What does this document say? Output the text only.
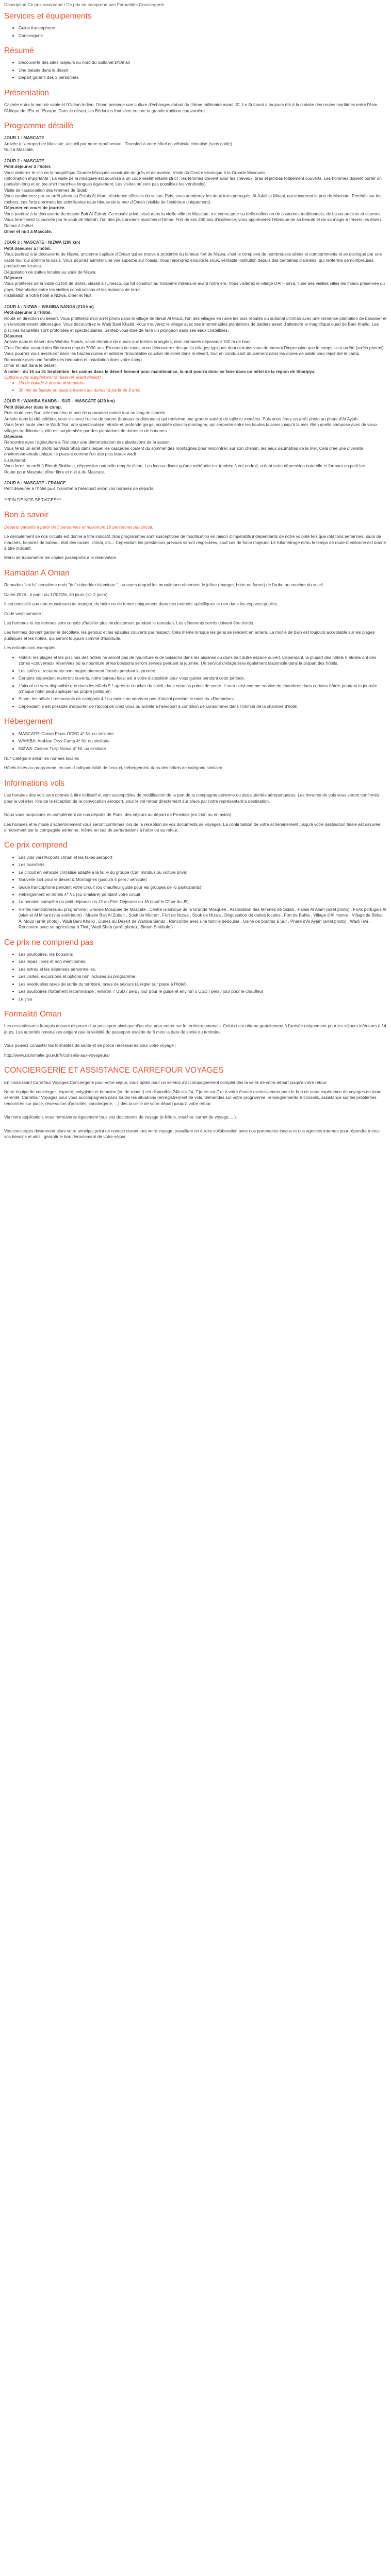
Description Ce prix comprend / Ce prix ne comprend pas Formalités Conciergerie
Services et équipements
• Guide francophone
• Conciergerie
Résumé
• Découverte des sites majeurs du nord du Sultanat D'Oman
• Une balade dans le desert
• Départ garanti dès 3 personnes
Présentation

Cachée entre la mer de sable et l'Océan Indien, Oman possède une culture d'échanges datant du IIIème millénaire avant JC. Le Sultanat a toujours été à la croisée des routes maritimes entre l'Asie, l'Afrique de l'Est et l'Europe. Dans le désert, les Bédouins font vivre encore la grande tradition caravanière.

Programme détaillé

JOUR 1 : MASCATE

Arrivée à l'aéroport de Mascate, accueil par notre représentant. Transfert à votre hôtel en véhicule climatisé (sans guide).

Nuit à Mascate.

JOUR 2 : MASCATE

Petit-déjeuner à l'hôtel.

Vous visiterez le site de la magnifique Grande Mosquée construite de grès et de marbre. Visite du Centre islamique à la Grande Mosquée.

(Information importante : La visite de la mosquée est soumise à un code vestimentaire strict : les femmes doivent avoir les cheveux, bras et jambes totalement couverts. Les hommes doivent porter un pantalon long et un tee-shirt manches longues également. Les visites ne sont pas possibles les vendredis).

Visite de l'association des femmes de Sidab.

Vous continuerez par un arrêt photo au Palais Al Alam, résidence officielle du sultan. Puis, vous admirerez les deux forts portugais, Al Jalali et Mirani, qui encadrent le port de Mascate. Perchés sur les rochers, ces forts dominent les scintillantes eaux bleues de la mer d'Oman (visible de l'extérieur uniquement).

Déjeuner en cours de journée.

Vous partirez à la découverte du musée Bait Al Zubair. Ce musée privé, situé dans la vieille ville de Mascate, est connu pour sa belle collection de costumes traditionnels, de bijoux anciens et d'armes. Vous terminerez la journée par le souk de Mutrah, l'un des plus anciens marchés d'Oman. Fort de ses 200 ans d'existence, vous apprécierez l'étendue de sa beauté et de sa magie à travers les étales. Retour à l'hôtel.

Dîner et nuit à Mascate.

JOUR 3 : MASCATE - NIZWA (290 km)

Petit déjeuner à l'hôtel.

Vous partirez à la découverte de Nizwa, ancienne capitale d'Oman qui se trouve à proximité du fameux fort de Nizwa, c'est le complexe de nombreuses allées et compartiments et se distingue par une vaste tour qui domine la oasis. Vous pourrez admirer une vue superbe sur l'oasis. Vous rejoindrez ensuite le souk, véritable institution depuis des centaines d'années, qui renferme de nombreuses productions locales.

Dégustation de dattes locales au souk de Nizwa.

Déjeuner.

Vous profiterez de la visite du fort de Bahla, classé à l'Unesco, qui fut construit au troisième millénaire avant notre ère. Vous visiterez le village d'Al Hamra, l'une des vieilles villes les mieux préservée du pays. Déambulez entre les vieilles constructions et les maisons de terre.

Installation à votre hôtel à Nizwa, dîner et Nuit.

JOUR 4 : NIZWA – WAHIBA SANDS (210 km)

Petit-déjeuner à l'Hôtel.

Route en direction du désert. Vous profiterez d'un arrêt photo dans le village de Birkat Al Mouz, l'un des villages en ruine les plus réputés du sultanat d'Oman avec une immense plantation de bananier et un environnement pittoresque. Vous découvrirez le Wadi Bani Khalid. Vous trouverez le village avec ses interminables plantations de dattiers avant d'atteindre le magnifique oued de Bani Khalid. Les piscines naturelles sont profondes et spectaculaires. Sentez-vous libre de faire un plongeon dans ses eaux cristallines.

Déjeuner.

Arrivée dans le désert des Wahiba Sands, vaste étendue de dunes aux teintes orangées, dont certaines dépassent 100 m de haut.

C'est l'habitat naturel des Bédouins depuis 7000 ans. En cours de route, vous découvrirez des petits villages typiques dont certains vous donneront l'impression que le temps s'est arrêté (arrêts photos). Vous pourrez vous aventurer dans les hautes dunes et admirer l'inoubliable coucher de soleil dans le désert, tout en conduisant doucement dans les dunes de sable pour rejoindre le camp.

Rencontre avec une famille des bédouins et installation dans votre camp.

Dîner et nuit dans le désert.

A noter : du 16 au 31 Septembre, les camps dans le désert ferment pour maintenance, la nuit pourra donc se faire dans un hôtel de la région de Sharqiya.

Options avec supplément (à réserver avant départ) :

• Un de balade à dos de dromadaire
• 30 min de balade en quad à travers les dunes (à partir de 8 ans)

JOUR 5 : WAHIBA SANDS – SUR – MASCATE (420 km)

Petit déjeuner dans le camp.

Puis route vers Sur, ville maritime et port de commerce animé tout au long de l'année.

Arrivée dans la cité célèbre, vous visiterez l'usine de boutre (bateaux traditionnels) qui renferme une grande variété de taille et modèles. Puis vous ferez un arrêt photo au phare d'Al Ayjah.

Vous ferez route vers le Wadi Tiwi, une spectaculaire, étroite et profonde gorge, sculptée dans la montagne, qui serpente entre les hautes falaises jusqu'à la mer. Bien quelle compose avec de vieux villages traditionnels, elle est surplombée par des plantations de dattes et de bananes.

Déjeuner.

Rencontre avec l'agriculture à Tiwi pour une démonstration des plantations de la saison.

Vous ferez un arrêt photo au Wadi Shab dans lequel les cascades coulent du sommet des montagnes pour rencontrer, sur son chemin, les eaux saumâtres de la mer. Cela crée une diversité environnementale unique, le placant comme l'un des plus beaux wadi

du sultanat.

Vous ferez un arrêt à Bimah Sinkhole, dépression naturelle remplie d'eau. Les locaux disent qu'une météorite est tombée à cet endroit, créant cette dépression naturelle et formant un petit lac.

Route pour Mascate, dîner libre et nuit à de Mascate.

JOUR 6 : MASCATE - FRANCE

Petit déjeuner à l'hôtel puis Transfert à l'aéroport selon vos horaires de départs.

***FIN DE NOS SERVICES***

Bon à savoir

Départs garantis à partir de 3 personnes et maximum 16 personnes par circuit.

Le déroulement de nos circuits est donné à titre indicatif. Nos programmes sont susceptibles de modification en raison d'impératifs indépendants de notre volonté tels que rotations aériennes, jours de marchés, horaires de bateau, état des routes, climat, etc... Cependant les prestations prévues seront respectées, sauf cas de force majeure. Le Kilométrage et/ou le temps de route mentionné est donné à titre indicatif.

Merci de transmettre les copies passeports à la réservation.

Ramadan A Oman

Ramadan "est le" neuvième mois "du" calendrier islamique ", au cours duquel les musulmans observent le jeûne (manger, boire ou fumer) de l'aube au coucher du soleil.

Dates 2026 : à partir du 17/02/26, 30 jours (+/- 2 jours).

Il est conseillé aux non-musulmans de manger, de boire ou de fumer uniquement dans des endroits spécifiques et non dans les espaces publics.

Code vestimentaire :

Les hommes et les femmes sont censés s'habiller plus modestement pendant le ramadan. Les vêtements serrés doivent être évités.

Les femmes doivent garder le décolleté, les genoux et les épaules couverts par respect. Cela même lorsque les gens se rendent en arrière. La moitié de bain est toujours acceptable sur les plages publiques et les hôtels, qui seront toujours comme d'habitude.

Les enfants sont exemptés.

• Hôtels: les plages et les piscines des hôtels ne seront pas de nourriture ni de boissons dans les piscines ou dans tout autre espace ouvert. Cependant, la plupart des hôtels 5 étoiles ont des zones «couvertes» réservées où la nourriture et les boissons seront servies pendant la journée. Un service d'étage sera également disponible dans la plupart des hôtels.
• Les cafés et restaurants sont majoritairement fermés pendant la journée.
• Certains cependant resteront ouverts, notre bureau local est à votre disposition pour vous guider pendant cette période.
• L'alcool ne sera disponible que dans les hôtels 5 * après le coucher du soleil, dans certains points de vente. Il sera servi comme service de chambres dans certains hôtels pendant la journée (chaque hôtel peut appliquer sa propre politique).
• Sinon, les hôtels / restaurants de catégorie 4 * ou moins ne serviront pas d'alcool pendant le mois du «Ramadan».
• Cependant, il est possible d'apporter de l'alcool de chez vous ou acheté à l'aéroport à condition de consommer dans l'intimité de la chambre d'hôtel.
Hébergement
• MASCATE: Crown Plaza OCEC 4* NL ou similaire
• WAHIBA: Arabian Oryx Camp 4* NL ou similaire
• NIZWA: Golden Tulip Nizwa 4* NL ou similaire

NL* Catégorie selon les normes locales

Hôtels listés au programme, en cas d'indisponibilité de ceux-ci, hébergement dans des hôtels de catégorie similaire.

Informations vols

Les horaires des vols sont donnés à titre indicatif et sont susceptibles de modification de la part de la compagnie aérienne ou des autorités aéroportuaires. Les horaires de vols vous seront confirmés ; pour le vol aller, lors de la réception de la convocation aéroport, pour le vol retour directement sur place par notre représentant à destination.

Nous vous proposons en complément de nos départs de Paris, des séjours au départ de Province (en train ou en avion).

Les horaires et le mode d'acheminement vous seront confirmés lors de la réception de vos documents de voyages. La confirmation de votre acheminement jusqu'à votre destination finale est assurée directement par la compagnie aérienne, même en cas de perturbations à l'aller ou au retour.

Ce prix comprend
• Les vols verstAirports Oman et les taxes aéroport
• Les transferts
• Le circuit en véhicule climatisé adapté à la taille du groupe (Car, minibus ou voiture privé)
• Nouvelle 4x4 pour le désert & Montagnes (jusqu'à 4 pers / véhicule)
• Guide francophone pendant votre circuit (ou chauffeur guide pour les groupes de -5 participants)
• Hébergement en hôtels 4* NL (ou similaire) pendant votre circuit
• La pension complète du petit déjeuner du J2 au Petit Déjeuner du J6 (sauf le Dîner du J5)
• Visites mentionnées au programme : Grande Mosquée de Mascate , Centre islamique de la Grande Mosquée , Association des femmes de Sidab , Palais Al Alam (arrêt photo) , Forts portugais Al Jalali et Al Mirani (vue extérieure) , Musée Bait Al Zubair , Souk de Mutrah , Fort de Nizwa , Souk de Nizwa , Dégustation de dattes locales , Fort de Bahla , Village d'Al Hamra , Village de Birkat Al Mouz (arrêt photo) , Wadi Bani Khalid , Dunes du Désert de Wahiba Sands , Rencontre avec une famille bédouine , Usine de boutres à Sur , Phare d'Al Ayjah (arrêt photo) , Wadi Tiwi , Rencontre avec un agriculteur à Tiwi , Wadi Shab (arrêt photo) , Bimah Sinkhole )
Ce prix ne comprend pas
• Les pourboires, les boissons
• Les repas libres et non mentionnés,
• Les extras et les dépenses personnelles,
• Les visites, excursions et options non incluses au programme
• Les éventuelles taxes de sortie du territoire, taxes de séjours (à régler sur place à l'hôtel)
• Les pourboires (fortement recommandé : environ 7 USD / pers / jour pour le guide et environ 5 USD / pers / jour pour le chauffeur
• Le visa
Formalité Oman

Les ressortissants français doivent disposer d'un passeport ainsi que d'un visa pour entrer sur le territoire omanais. Celui-ci est obtenu gratuitement à l'arrivée uniquement pour les séjours inférieurs à 14 jours. Les autorités omanaises exigent que la validité du passeport excède de 6 mois la date de sortie du territoire.

Vous pouvez consulter les formalités de santé et de police nécessaires pour votre voyage :

http://www.diplomatie.gouv.fr/fr/conseils-aux-voyageurs/

CONCIERGERIE ET ASSISTANCE CARREFOUR VOYAGES

En choisissant Carrefour Voyages Conciergerie pour votre séjour, vous optez pour un service d'accompagnement complet dès la veille de votre départ jusqu'à votre retour.

Notre équipe de concierges, experte, polyglotte et humaine (ou de robot !) est disponible 24h sur 24, 7 jours sur 7 et à votre écoute exclusivement pour le bon de votre expérience de voyages en toute sérénité. Carrefour Voyages pour vous accompagnera dans toutes les situations (enregistrement de vols, demandes sur votre programme, renseignements & conseils, assistance sur les problèmes rencontrés sur place, réservation d'activités, conciergerie, ...) dès la veille de votre départ jusqu'à votre retour.

Via notre application, vous retrouverez également tous vos documents de voyage (e-billets, voucher, carnet de voyage, ...).

Vos concierges deviennent alors votre principal point de contact durant tout votre voyage, travaillant en étroite collaboration avec nos partenaires locaux et nos agences internes pour répondre à tous vos besoins et ainsi, garantir le bon déroulement de votre séjour.
